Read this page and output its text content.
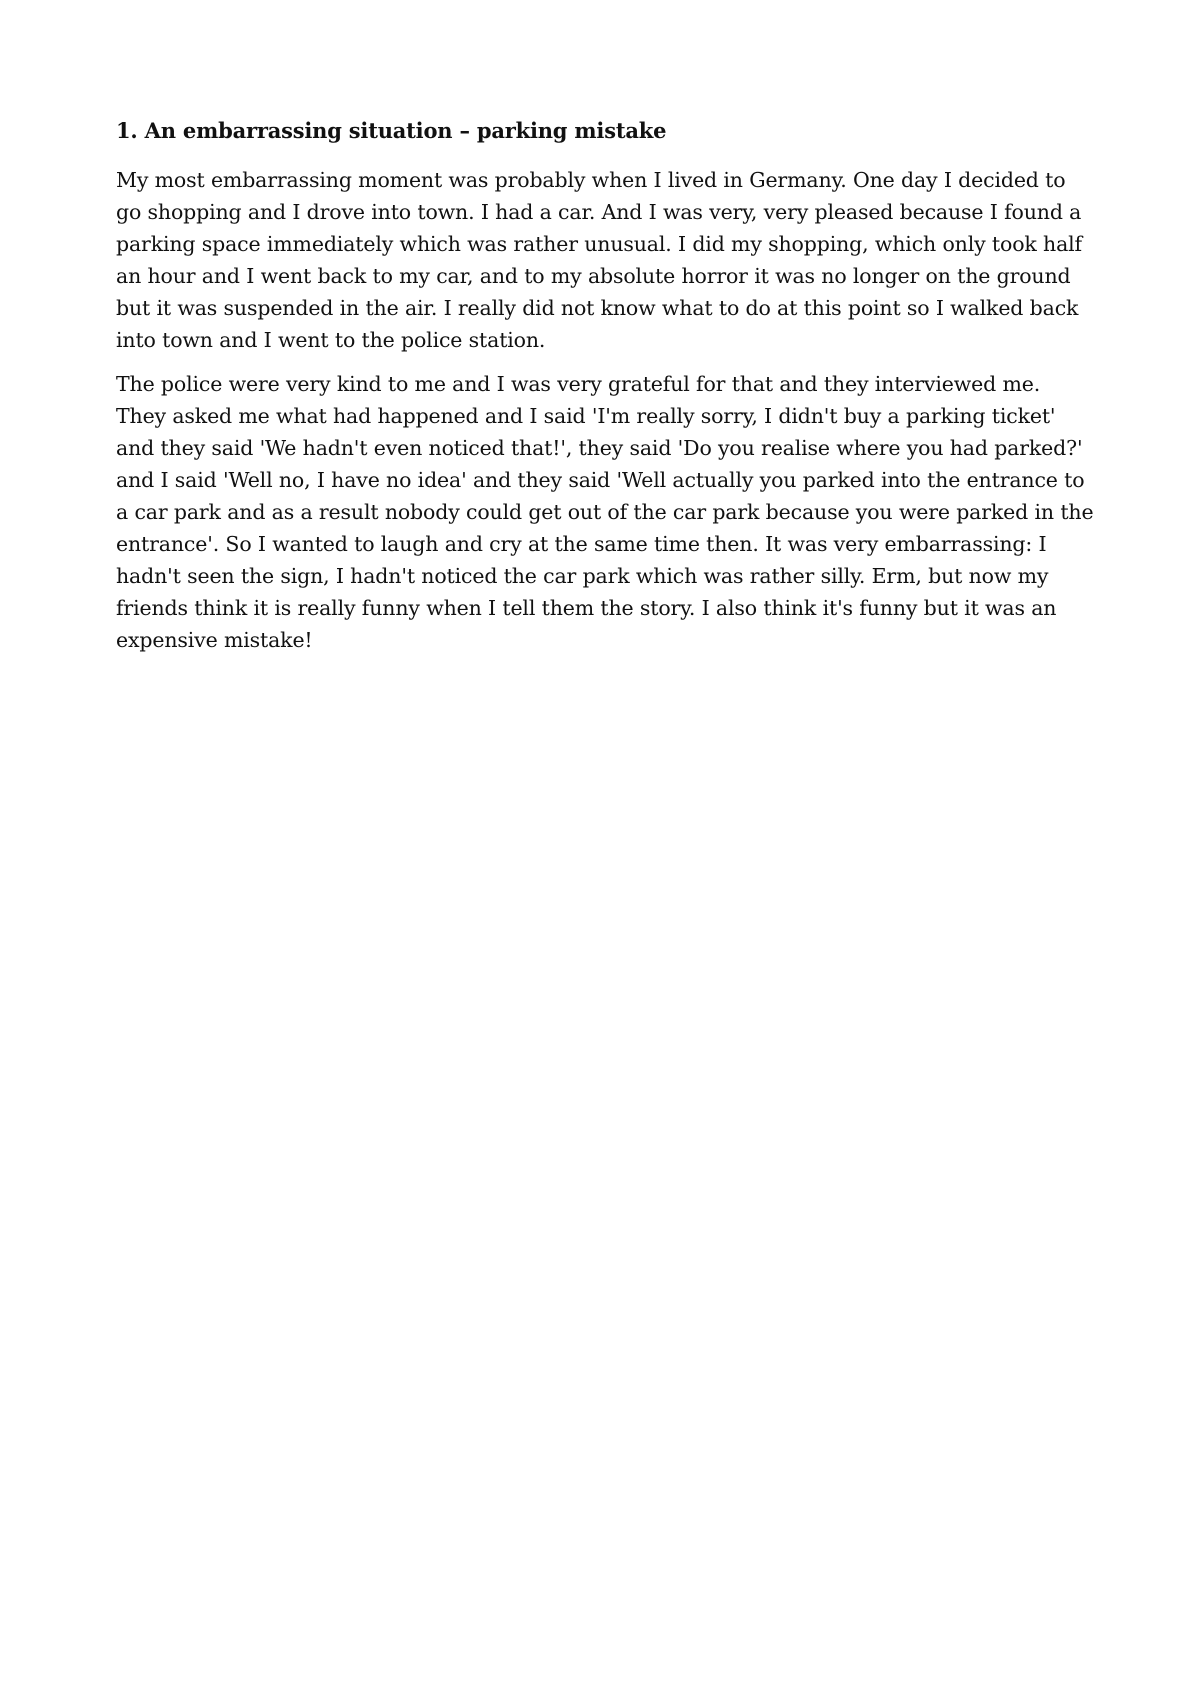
1. An embarrassing situation – parking mistake

My most embarrassing moment was probably when I lived in Germany. One day I decided to go shopping and I drove into town. I had a car. And I was very, very pleased because I found a parking space immediately which was rather unusual. I did my shopping, which only took half an hour and I went back to my car, and to my absolute horror it was no longer on the ground but it was suspended in the air. I really did not know what to do at this point so I walked back into town and I went to the police station.

The police were very kind to me and I was very grateful for that and they interviewed me. They asked me what had happened and I said 'I'm really sorry, I didn't buy a parking ticket' and they said 'We hadn't even noticed that!', they said 'Do you realise where you had parked?' and I said 'Well no, I have no idea' and they said 'Well actually you parked into the entrance to a car park and as a result nobody could get out of the car park because you were parked in the entrance'. So I wanted to laugh and cry at the same time then. It was very embarrassing: I hadn't seen the sign, I hadn't noticed the car park which was rather silly. Erm, but now my friends think it is really funny when I tell them the story. I also think it's funny but it was an expensive mistake!
